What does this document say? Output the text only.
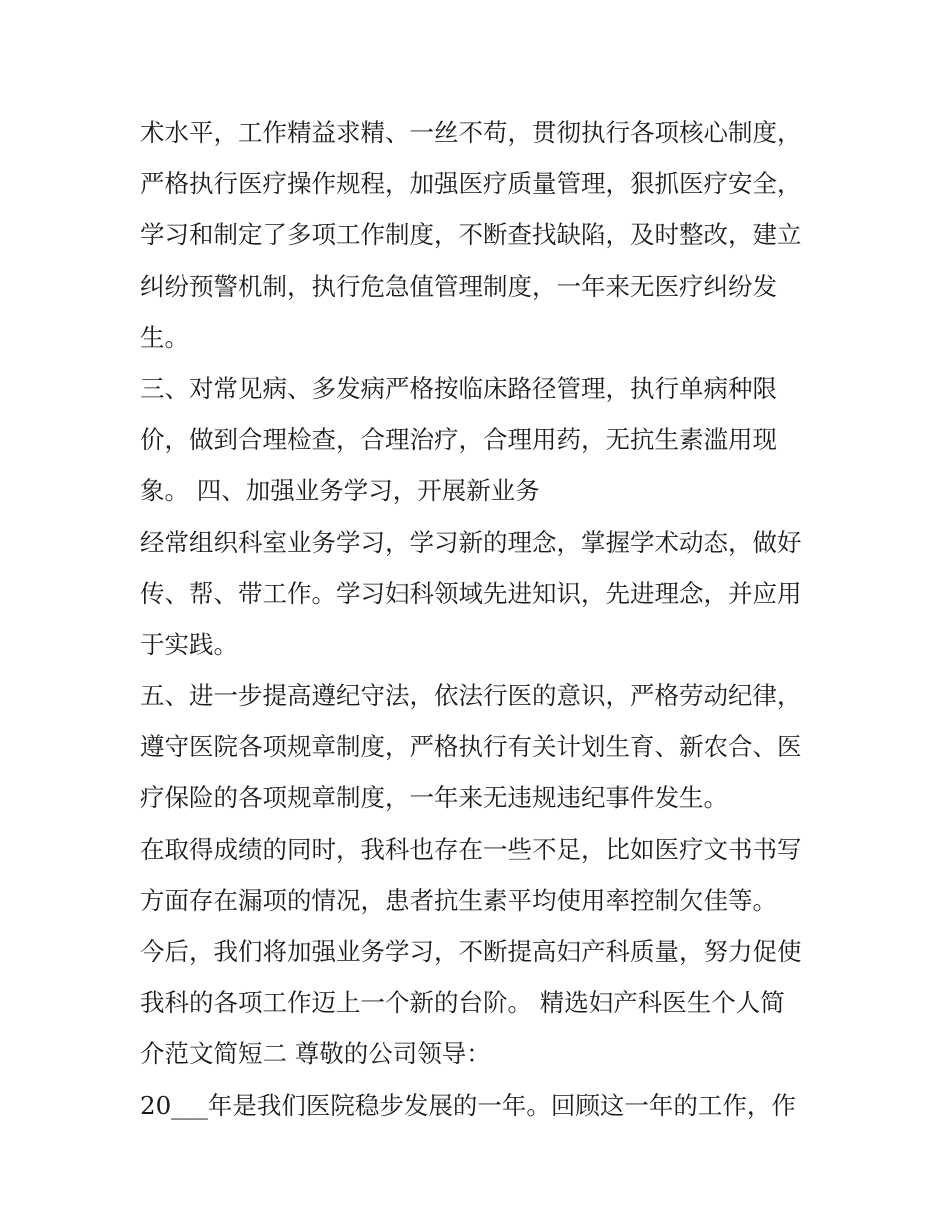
术水平，工作精益求精、一丝不苟，贯彻执行各项核心制度，
严格执行医疗操作规程，加强医疗质量管理，狠抓医疗安全，
学习和制定了多项工作制度，不断查找缺陷，及时整改，建立
纠纷预警机制，执行危急值管理制度，一年来无医疗纠纷发
生。
三、对常见病、多发病严格按临床路径管理，执行单病种限
价，做到合理检查，合理治疗，合理用药，无抗生素滥用现
象。 四、加强业务学习，开展新业务
经常组织科室业务学习，学习新的理念，掌握学术动态，做好
传、帮、带工作。学习妇科领域先进知识，先进理念，并应用
于实践。
五、进一步提高遵纪守法，依法行医的意识，严格劳动纪律，
遵守医院各项规章制度，严格执行有关计划生育、新农合、医
疗保险的各项规章制度，一年来无违规违纪事件发生。
在取得成绩的同时，我科也存在一些不足，比如医疗文书书写
方面存在漏项的情况，患者抗生素平均使用率控制欠佳等。
今后，我们将加强业务学习，不断提高妇产科质量，努力促使
我科的各项工作迈上一个新的台阶。 精选妇产科医生个人简
介范文简短二 尊敬的公司领导：
20___年是我们医院稳步发展的一年。回顾这一年的工作，作
